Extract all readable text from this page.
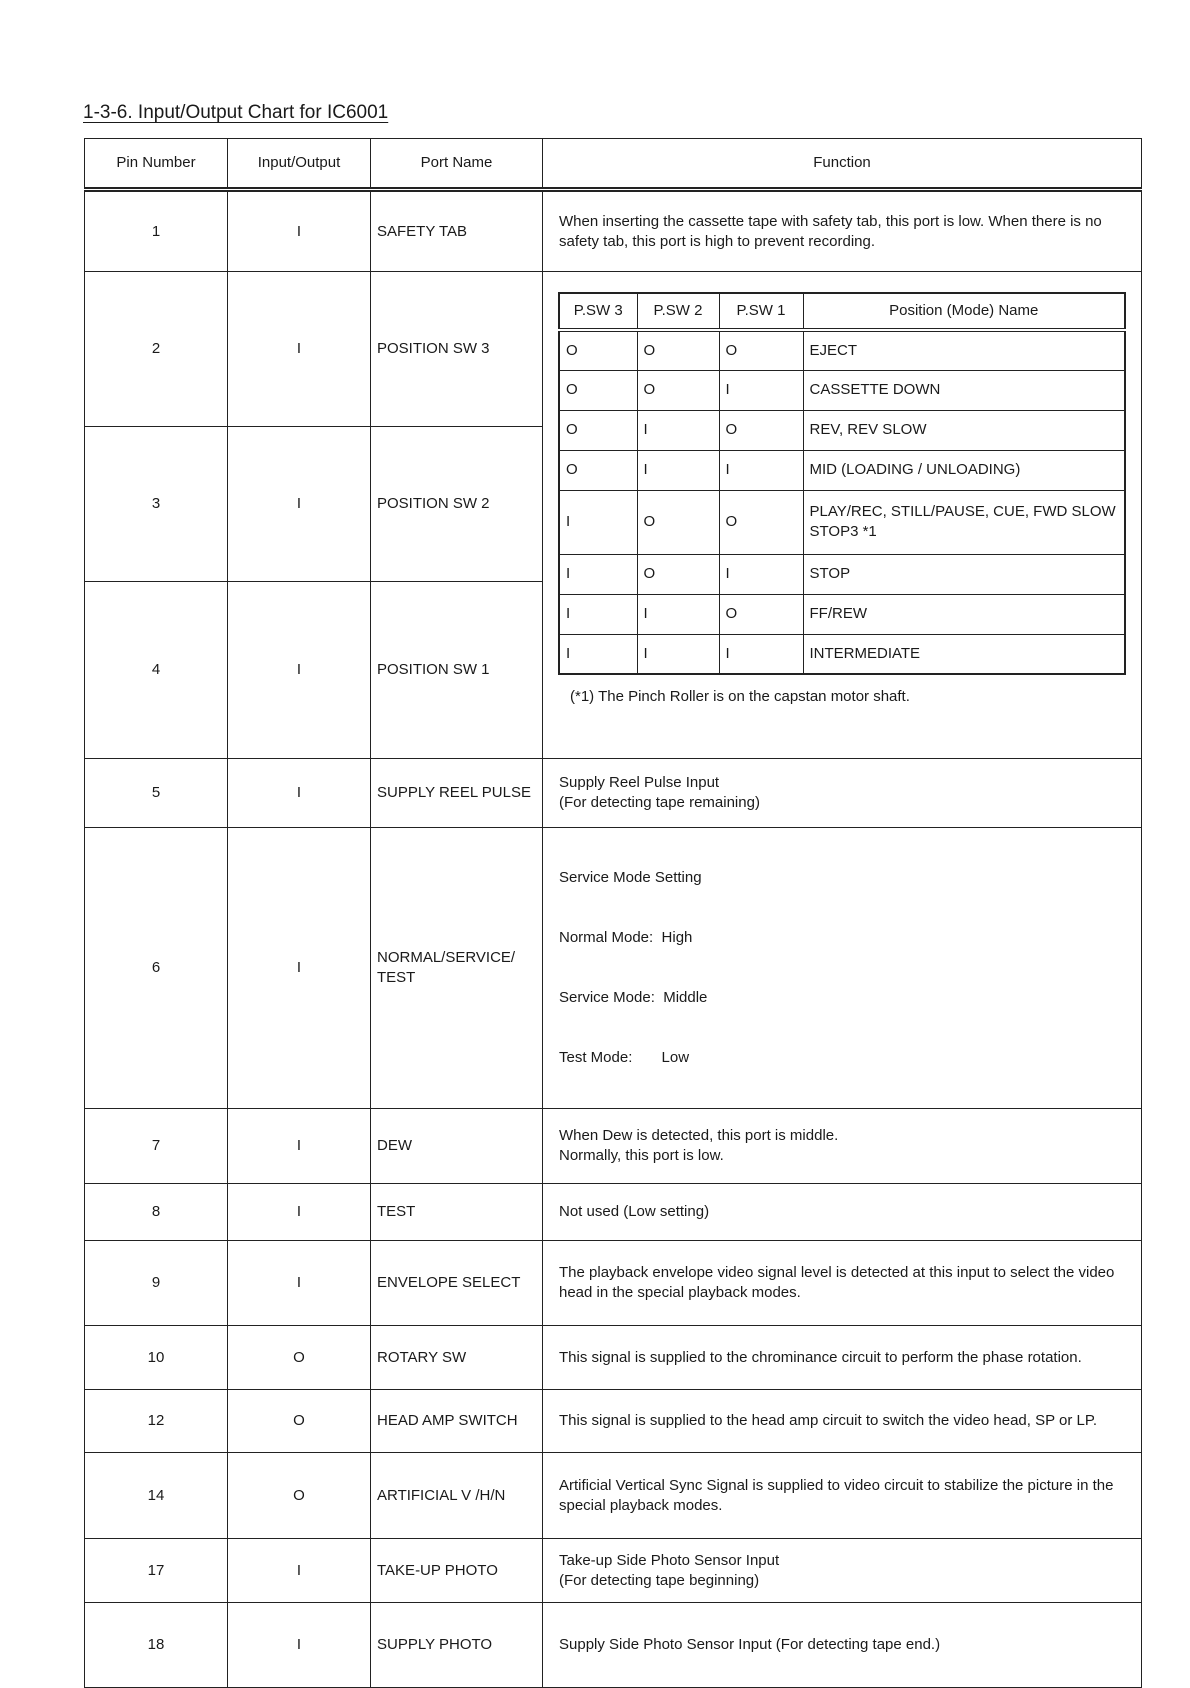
1-3-6. Input/Output Chart for IC6001
Pin Number	Input/Output	Port Name	Function
1	I	SAFETY TAB	When inserting the cassette tape with safety tab, this port is low. When there is no safety tab, this port is high to prevent recording.
2	I	POSITION SW 3	
P.SW 3	P.SW 2	P.SW 1	Position (Mode) Name
O	O	O	EJECT
O	O	I	CASSETTE DOWN
O	I	O	REV, REV SLOW
O	I	I	MID (LOADING / UNLOADING)
I	O	O	PLAY/REC, STILL/PAUSE, CUE, FWD SLOW STOP3 *1
I	O	I	STOP
I	I	O	FF/REW
I	I	I	INTERMEDIATE
(*1) The Pinch Roller is on the capstan motor shaft.

3	I	POSITION SW 2
4	I	POSITION SW 1
5	I	SUPPLY REEL PULSE	
Supply Reel Pulse Input
(For detecting tape remaining)

6	I	NORMAL/SERVICE/ TEST	

Service Mode Setting

Normal Mode:  High

Service Mode:  Middle

Test Mode:       Low

7	I	DEW	
When Dew is detected, this port is middle.
Normally, this port is low.

8	I	TEST	Not used (Low setting)
9	I	ENVELOPE SELECT	The playback envelope video signal level is detected at this input to select the video head in the special playback modes.
10	O	ROTARY SW	This signal is supplied to the chrominance circuit to perform the phase rotation.
12	O	HEAD AMP SWITCH	This signal is supplied to the head amp circuit to switch the video head, SP or LP.
14	O	ARTIFICIAL V /H/N	Artificial Vertical Sync Signal is supplied to video circuit to stabilize the picture in the special playback modes.
17	I	TAKE-UP PHOTO	
Take-up Side Photo Sensor Input
(For detecting tape beginning)

18	I	SUPPLY PHOTO	Supply Side Photo Sensor Input (For detecting tape end.)
